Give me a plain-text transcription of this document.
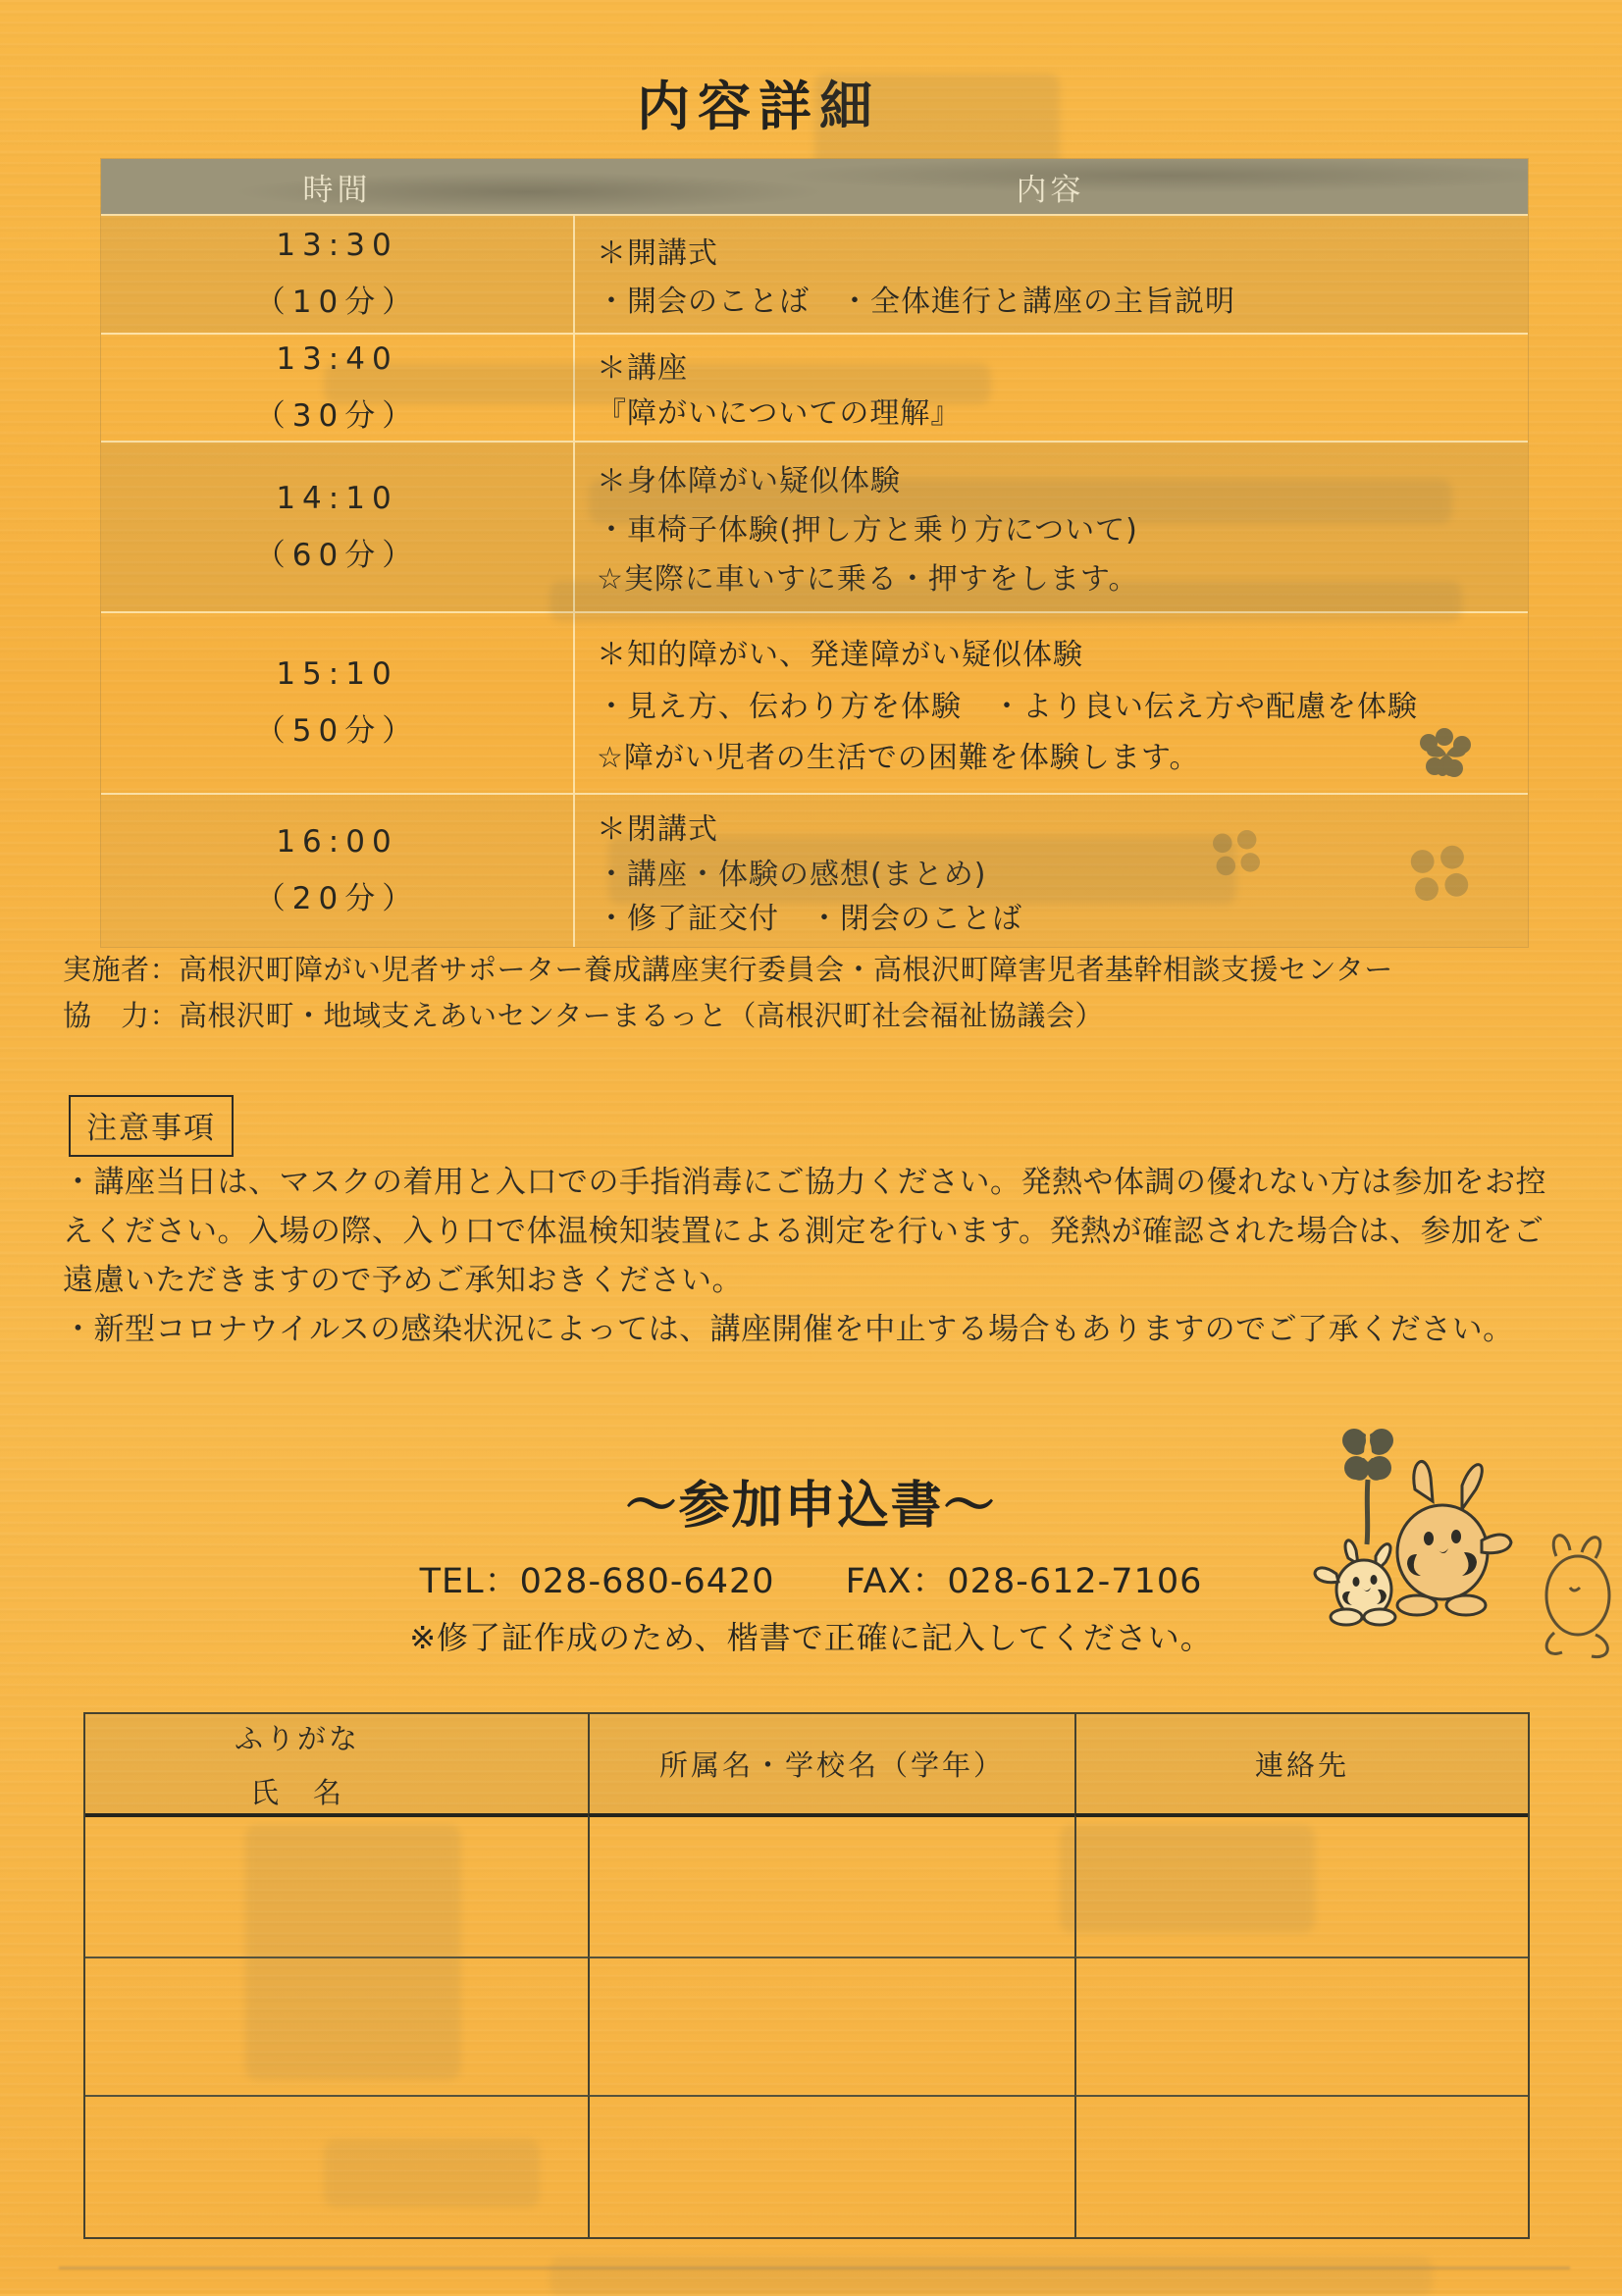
内容詳細
時間	内容
13:30
（10分）
＊開講式
・開会のことば　・全体進行と講座の主旨説明
13:40
（30分）
＊講座
『障がいについての理解』
14:10
（60分）
＊身体障がい疑似体験
・車椅子体験(押し方と乗り方について)
☆実際に車いすに乗る・押すをします。
15:10
（50分）
＊知的障がい、発達障がい疑似体験
・見え方、伝わり方を体験　・より良い伝え方や配慮を体験
☆障がい児者の生活での困難を体験します。
16:00
（20分）
＊閉講式
・講座・体験の感想(まとめ)
・修了証交付　・閉会のことば
実施者：高根沢町障がい児者サポーター養成講座実行委員会・高根沢町障害児者基幹相談支援センター
協　力：高根沢町・地域支えあいセンターまるっと（高根沢町社会福祉協議会）
注意事項

・講座当日は、マスクの着用と入口での手指消毒にご協力ください。発熱や体調の優れない方は参加をお控えください。入場の際、入り口で体温検知装置による測定を行います。発熱が確認された場合は、参加をご遠慮いただきますので予めご承知おきください。

・新型コロナウイルスの感染状況によっては、講座開催を中止する場合もありますのでご了承ください。

～参加申込書～
TEL：028-680-6420 FAX：028-612-7106
※修了証作成のため、楷書で正確に記入してください。
ふりがな
氏　名
所属名・学校名（学年）	連絡先
